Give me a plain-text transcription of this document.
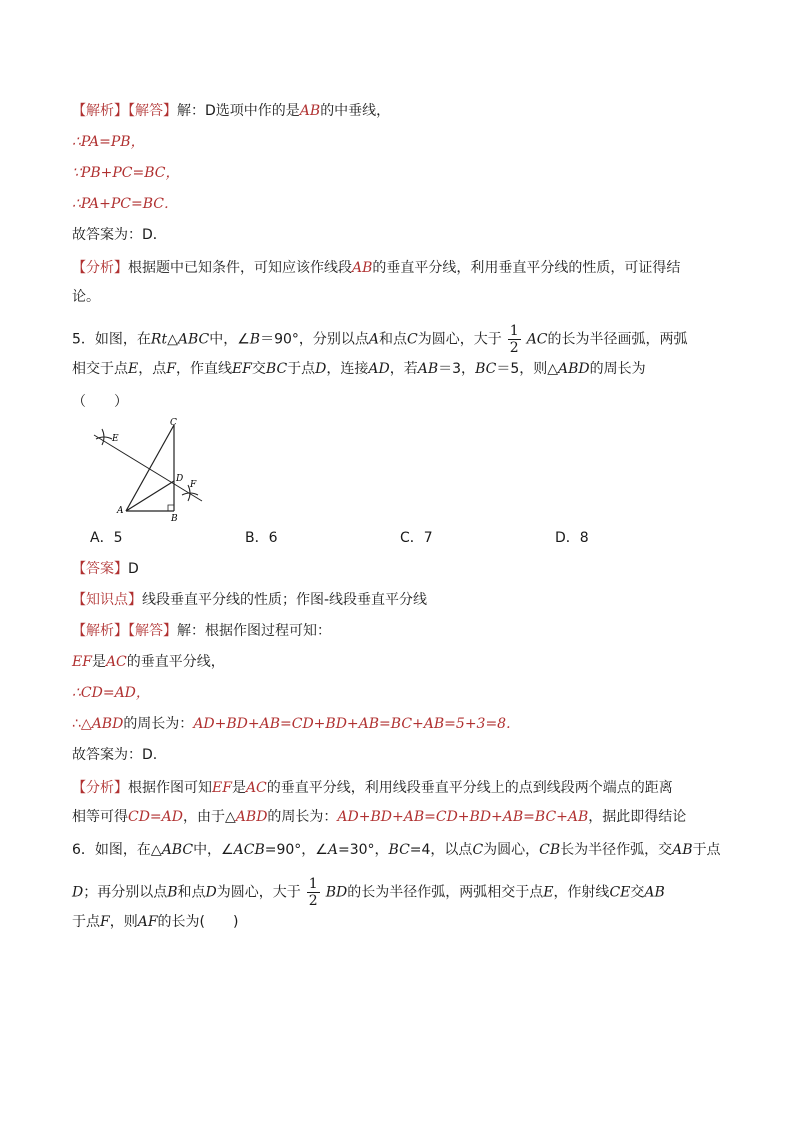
【解析】【解答】解：D选项中作的是AB的中垂线，
∴PA=PB，
∵PB+PC=BC，
∴PA+PC=BC．
故答案为：D．
【分析】根据题中已知条件，可知应该作线段AB的垂直平分线，利用垂直平分线的性质，可证得结
论。
5．如图，在Rt△ABC中，∠B＝90°，分别以点A和点C为圆心，大于 $\frac{1}{2}$ AC的长为半径画弧，两弧
相交于点E，点F，作直线EF交BC于点D，连接AD，若AB＝3，BC＝5，则△ABD的周长为
（　　）
C
E
D
F
A
B
A．5	B．6	C．7	D．8
【答案】D
【知识点】线段垂直平分线的性质；作图-线段垂直平分线
【解析】【解答】解：根据作图过程可知：
EF是AC的垂直平分线，
∴CD=AD，
∴△ABD的周长为：AD+BD+AB=CD+BD+AB=BC+AB=5+3=8.
故答案为：D.
【分析】根据作图可知EF是AC的垂直平分线，利用线段垂直平分线上的点到线段两个端点的距离
相等可得CD=AD，由于△ABD的周长为：AD+BD+AB=CD+BD+AB=BC+AB，据此即得结论
6．如图，在△ABC中，∠ACB=90°，∠A=30°，BC=4，以点C为圆心，CB长为半径作弧，交AB于点
D；再分别以点B和点D为圆心，大于 $\frac{1}{2}$ BD的长为半径作弧，两弧相交于点E，作射线CE交AB
于点F，则AF的长为(　　)
